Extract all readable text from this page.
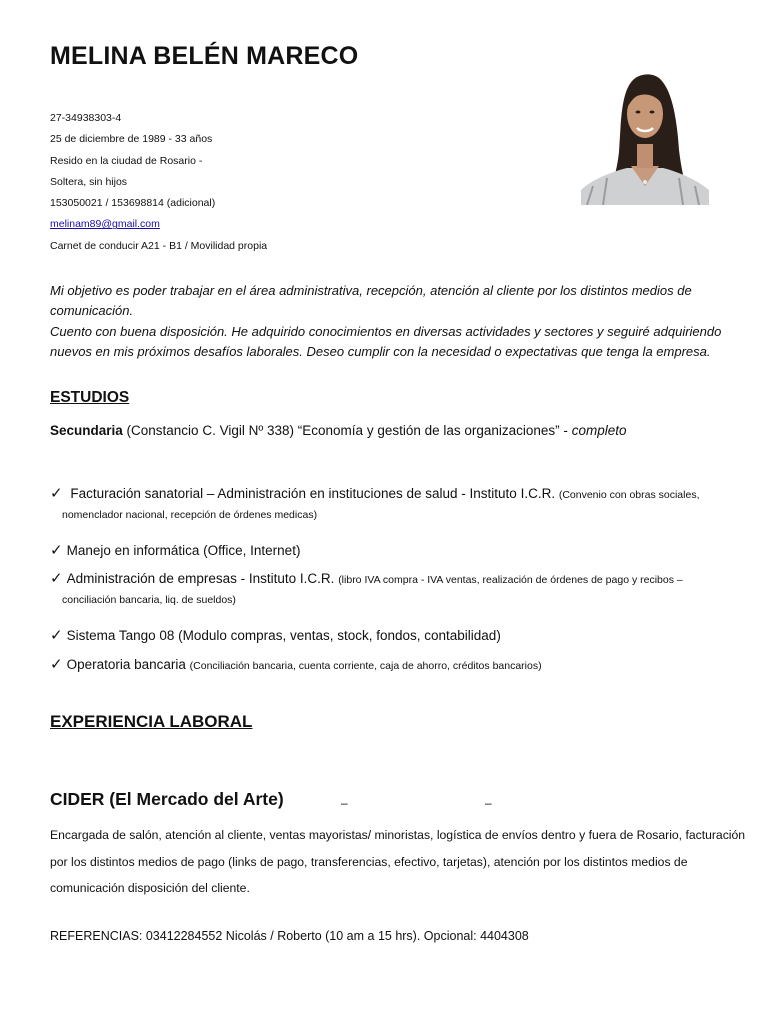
MELINA BELÉN MARECO
27-34938303-4
25 de diciembre de 1989 - 33 años
Resido en la ciudad de Rosario -
Soltera, sin hijos
153050021 / 153698814 (adicional)
melinam89@gmail.com
Carnet de conducir A21 - B1 / Movilidad propia

Mi objetivo es poder trabajar en el área administrativa, recepción, atención al cliente por los distintos medios de comunicación.

Cuento con buena disposición. He adquirido conocimientos en diversas actividades y sectores y seguiré adquiriendo nuevos en mis próximos desafíos laborales. Deseo cumplir con la necesidad o expectativas que tenga la empresa.

ESTUDIOS
Secundaria (Constancio C. Vigil Nº 338) “Economía y gestión de las organizaciones” - completo
✓ Facturación sanatorial – Administración en instituciones de salud - Instituto I.C.R. (Convenio con obras sociales,
nomenclador nacional, recepción de órdenes medicas)
✓ Manejo en informática (Office, Internet)
✓ Administración de empresas - Instituto I.C.R. (libro IVA compra - IVA ventas, realización de órdenes de pago y recibos –
conciliación bancaria, liq. de sueldos)
✓ Sistema Tango 08 (Modulo compras, ventas, stock, fondos, contabilidad)
✓ Operatoria bancaria (Conciliación bancaria, cuenta corriente, caja de ahorro, créditos bancarios)
EXPERIENCIA LABORAL
CIDER (El Mercado del Arte)	–	–
Encargada de salón, atención al cliente, ventas mayoristas/ minoristas, logística de envíos dentro y fuera de Rosario, facturación por los distintos medios de pago (links de pago, transferencias, efectivo, tarjetas), atención por los distintos medios de comunicación disposición del cliente.
REFERENCIAS: 03412284552 Nicolás / Roberto (10 am a 15 hrs). Opcional: 4404308
